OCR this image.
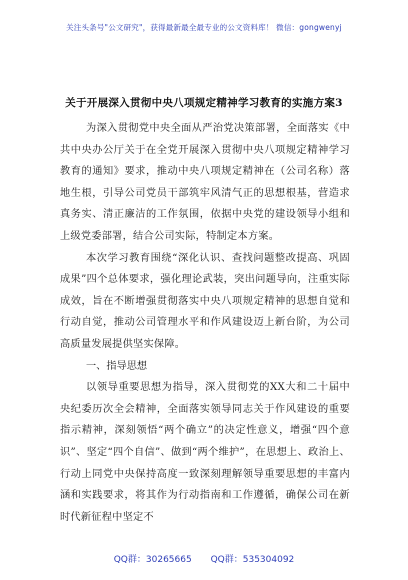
关注头条号"公文研究"，获得最新最全最专业的公文资料库！ 微信：gongwenyj
关于开展深入贯彻中央八项规定精神学习教育的实施方案3

为深入贯彻党中央全面从严治党决策部署，全面落实《中共中央办公厅关于在全党开展深入贯彻中央八项规定精神学习教育的通知》要求，推动中央八项规定精神在（公司名称）落地生根，引导公司党员干部筑牢风清气正的思想根基，营造求真务实、清正廉洁的工作氛围，依据中央党的建设领导小组和上级党委部署，结合公司实际，特制定本方案。

本次学习教育围绕“深化认识、查找问题整改提高、巩固成果”四个总体要求，强化理论武装，突出问题导向，注重实际成效，旨在不断增强贯彻落实中央八项规定精神的思想自觉和行动自觉，推动公司管理水平和作风建设迈上新台阶，为公司高质量发展提供坚实保障。

一、指导思想

以领导重要思想为指导，深入贯彻党的XX大和二十届中央纪委历次全会精神，全面落实领导同志关于作风建设的重要指示精神，深刻领悟“两个确立”的决定性意义，增强“四个意识”、坚定“四个自信”、做到“两个维护”，在思想上、政治上、行动上同党中央保持高度一致深刻理解领导重要思想的丰富内涵和实践要求，将其作为行动指南和工作遵循，确保公司在新时代新征程中坚定不

QQ群：30265665 QQ群：535304092
